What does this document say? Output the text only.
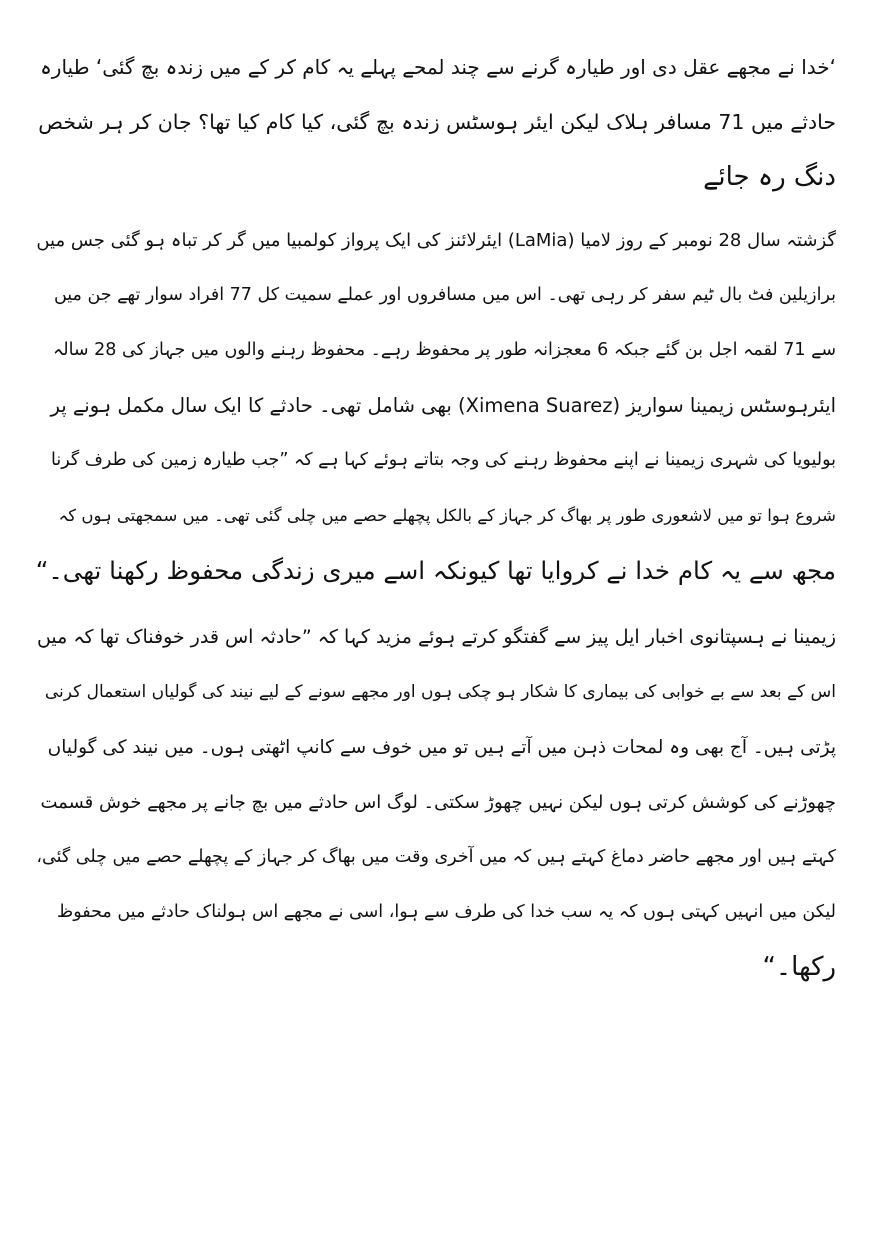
‘خدا نے مجھے عقل دی اور طیارہ گرنے سے چند لمحے پہلے یہ کام کر کے میں زندہ بچ گئی‘ طیارہ
حادثے میں 71 مسافر ہلاک لیکن ایئر ہوسٹس زندہ بچ گئی، کیا کام کیا تھا؟ جان کر ہر شخص
دنگ رہ جائے
گزشتہ سال 28 نومبر کے روز لامیا (LaMia) ایئرلائنز کی ایک پرواز کولمبیا میں گر کر تباہ ہو گئی جس میں
برازیلین فٹ بال ٹیم سفر کر رہی تھی۔ اس میں مسافروں اور عملے سمیت کل 77 افراد سوار تھے جن میں
سے 71 لقمہ اجل بن گئے جبکہ 6 معجزانہ طور پر محفوظ رہے۔ محفوظ رہنے والوں میں جہاز کی 28 سالہ
ایئرہوسٹس زیمینا سواریز (Ximena Suarez) بھی شامل تھی۔ حادثے کا ایک سال مکمل ہونے پر
بولیویا کی شہری زیمینا نے اپنے محفوظ رہنے کی وجہ بتاتے ہوئے کہا ہے کہ ”جب طیارہ زمین کی طرف گرنا
شروع ہوا تو میں لاشعوری طور پر بھاگ کر جہاز کے بالکل پچھلے حصے میں چلی گئی تھی۔ میں سمجھتی ہوں کہ
مجھ سے یہ کام خدا نے کروایا تھا کیونکہ اسے میری زندگی محفوظ رکھنا تھی۔“
زیمینا نے ہسپتانوی اخبار ایل پیز سے گفتگو کرتے ہوئے مزید کہا کہ ”حادثہ اس قدر خوفناک تھا کہ میں
اس کے بعد سے بے خوابی کی بیماری کا شکار ہو چکی ہوں اور مجھے سونے کے لیے نیند کی گولیاں استعمال کرنی
پڑتی ہیں۔ آج بھی وہ لمحات ذہن میں آتے ہیں تو میں خوف سے کانپ اٹھتی ہوں۔ میں نیند کی گولیاں
چھوڑنے کی کوشش کرتی ہوں لیکن نہیں چھوڑ سکتی۔ لوگ اس حادثے میں بچ جانے پر مجھے خوش قسمت
کہتے ہیں اور مجھے حاضر دماغ کہتے ہیں کہ میں آخری وقت میں بھاگ کر جہاز کے پچھلے حصے میں چلی گئی،
لیکن میں انہیں کہتی ہوں کہ یہ سب خدا کی طرف سے ہوا، اسی نے مجھے اس ہولناک حادثے میں محفوظ
رکھا۔“
